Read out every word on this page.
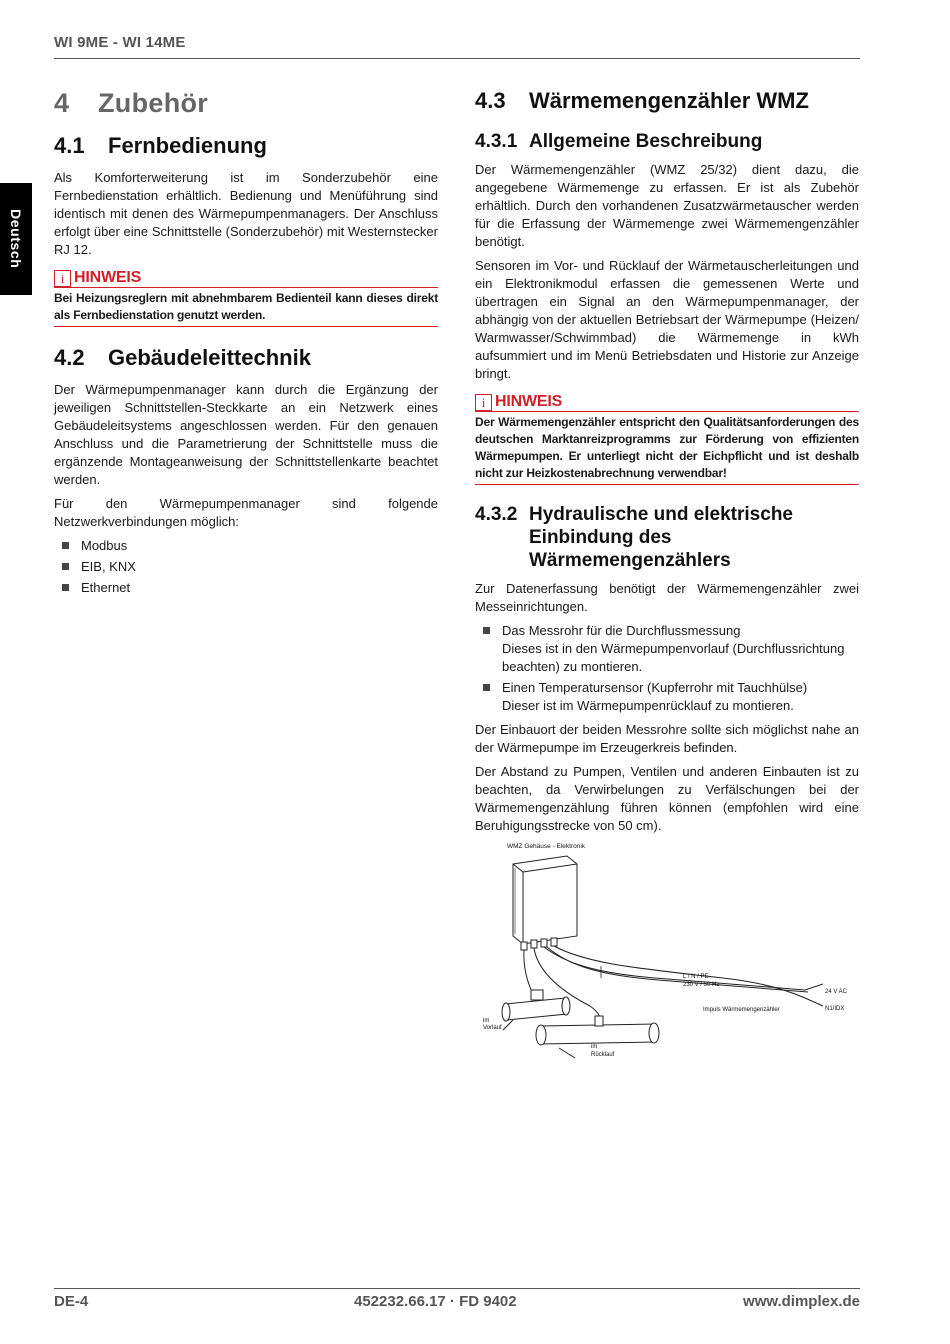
WI 9ME - WI 14ME
Deutsch
4 Zubehör
4.1 Fernbedienung

Als Komforterweiterung ist im Sonderzubehör eine Fernbedienstation erhältlich. Bedienung und Menüführung sind identisch mit denen des Wärmepumpenmanagers. Der Anschluss erfolgt über eine Schnittstelle (Sonderzubehör) mit Westernstecker RJ 12.

i HINWEIS
Bei Heizungsreglern mit abnehmbarem Bedienteil kann dieses direkt als Fernbedienstation genutzt werden.
4.2 Gebäudeleittechnik

Der Wärmepumpenmanager kann durch die Ergänzung der jeweiligen Schnittstellen-Steckkarte an ein Netzwerk eines Gebäudeleitsystems angeschlossen werden. Für den genauen Anschluss und die Parametrierung der Schnittstelle muss die ergänzende Montageanweisung der Schnittstellenkarte beachtet werden.

Für den Wärmepumpenmanager sind folgende Netzwerkverbindungen möglich:

Modbus
EIB, KNX
Ethernet
4.3 Wärmemengenzähler WMZ
4.3.1 Allgemeine Beschreibung

Der Wärmemengenzähler (WMZ 25/32) dient dazu, die angegebene Wärmemenge zu erfassen. Er ist als Zubehör erhältlich. Durch den vorhandenen Zusatzwärmetauscher werden für die Erfassung der Wärmemenge zwei Wärmemengenzähler benötigt.

Sensoren im Vor- und Rücklauf der Wärmetauscherleitungen und ein Elektronikmodul erfassen die gemessenen Werte und übertragen ein Signal an den Wärmepumpenmanager, der abhängig von der aktuellen Betriebsart der Wärmepumpe (Heizen/ Warmwasser/Schwimmbad) die Wärmemenge in kWh aufsummiert und im Menü Betriebsdaten und Historie zur Anzeige bringt.

i HINWEIS
Der Wärmemengenzähler entspricht den Qualitätsanforderungen des deutschen Marktanreizprogramms zur Förderung von effizienten Wärmepumpen. Er unterliegt nicht der Eichpflicht und ist deshalb nicht zur Heizkostenabrechnung verwendbar!
4.3.2 Hydraulische und elektrische
Einbindung des
Wärmemengenzählers

Zur Datenerfassung benötigt der Wärmemengenzähler zwei Messeinrichtungen.

Das Messrohr für die Durchflussmessung
Dieses ist in den Wärmepumpenvorlauf (Durchflussrichtung beachten) zu montieren.
Einen Temperatursensor (Kupferrohr mit Tauchhülse)
Dieser ist im Wärmepumpenrücklauf zu montieren.

Der Einbauort der beiden Messrohre sollte sich möglichst nahe an der Wärmepumpe im Erzeugerkreis befinden.

Der Abstand zu Pumpen, Ventilen und anderen Einbauten ist zu beachten, da Verwirbelungen zu Verfälschungen bei der Wärmemengenzählung führen können (empfohlen wird eine Beruhigungsstrecke von 50 cm).

WMZ Gehäuse - Elektronik
im
Vorlauf
im
Rücklauf
L / N / PE
230 V / 50 Hz
Impuls Wärmemengenzähler
24 V AC
N1/IDX
DE-4	452232.66.17 · FD 9402	www.dimplex.de
